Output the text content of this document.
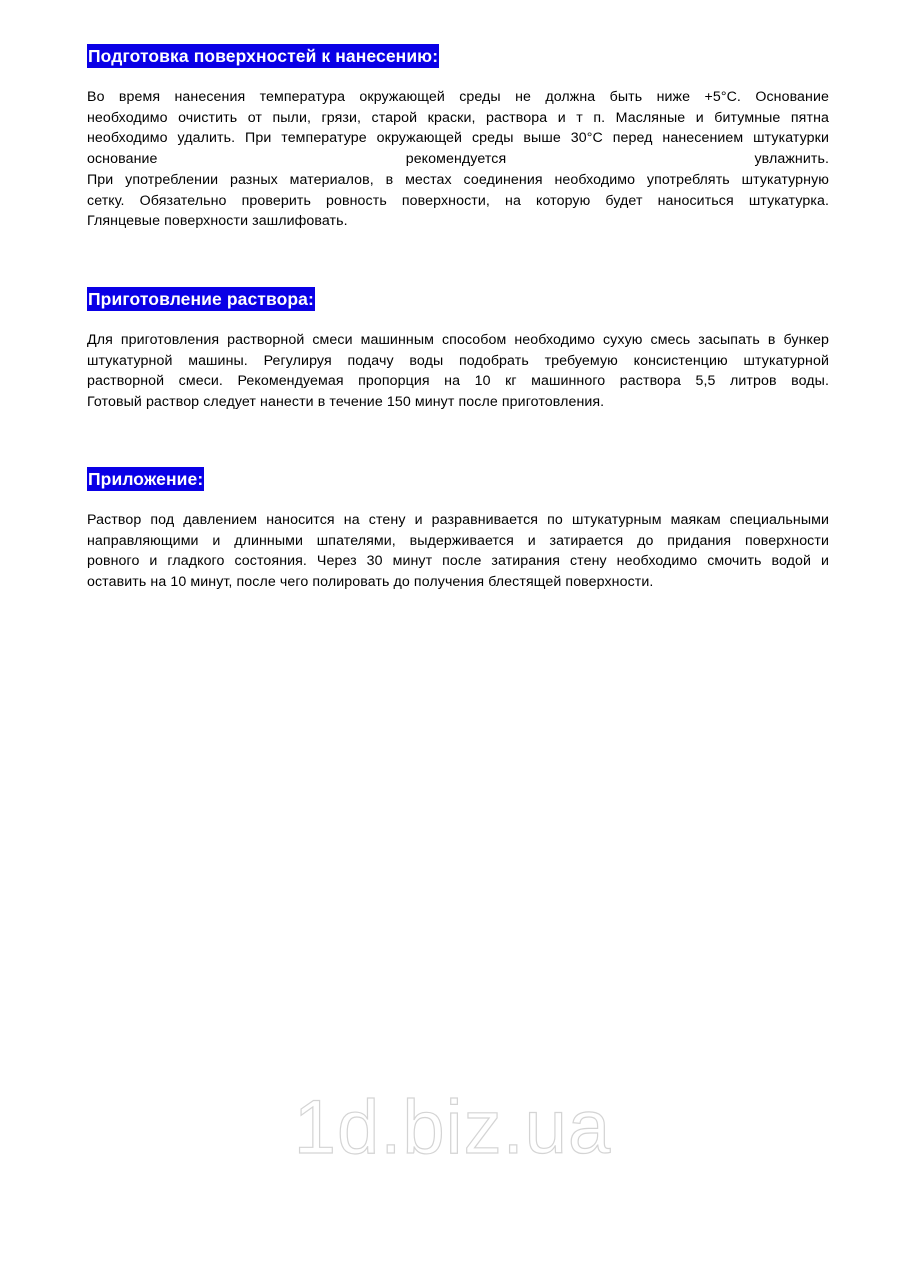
Подготовка поверхностей к нанесению:
Во время нанесения температура окружающей среды не должна быть ниже +5°С. Основание
необходимо очистить от пыли, грязи, старой краски, раствора и т п. Масляные и битумные пятна
необходимо удалить. При температуре окружающей среды выше 30°С перед нанесением штукатурки
основание рекомендуется увлажнить.
При употреблении разных материалов, в местах соединения необходимо употреблять штукатурную
сетку. Обязательно проверить ровность поверхности, на которую будет наноситься штукатурка.
Глянцевые поверхности зашлифовать.
Приготовление раствора:
Для приготовления растворной смеси машинным способом необходимо сухую смесь засыпать в бункер
штукатурной машины. Регулируя подачу воды подобрать требуемую консистенцию штукатурной
растворной смеси. Рекомендуемая пропорция на 10 кг машинного раствора 5,5 литров воды.
Готовый раствор следует нанести в течение 150 минут после приготовления.
Приложение:
Раствор под давлением наносится на стену и разравнивается по штукатурным маякам специальными
направляющими и длинными шпателями, выдерживается и затирается до придания поверхности
ровного и гладкого состояния. Через 30 минут после затирания стену необходимо смочить водой и
оставить на 10 минут, после чего полировать до получения блестящей поверхности.
1d.biz.ua
